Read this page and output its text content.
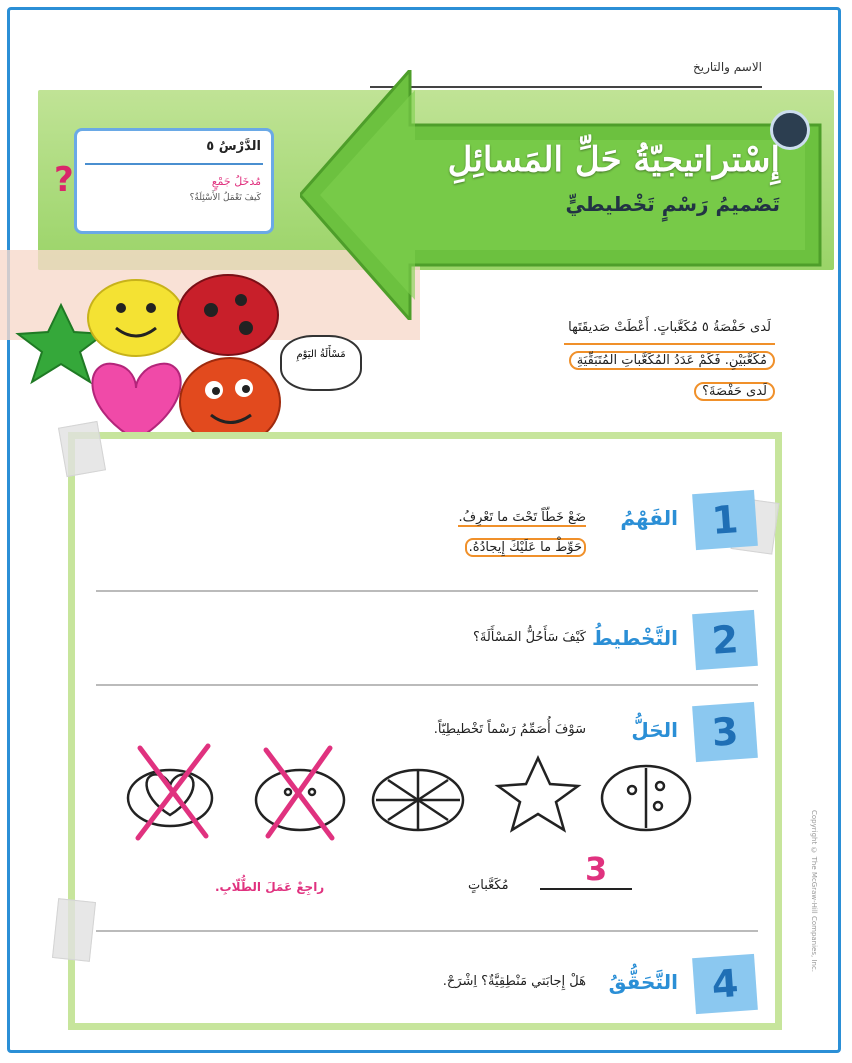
الاسم والتاريخ
إِسْتراتيجيّةُ حَلِّ المَسائِلِ
تَصْميمُ رَسْمٍ تَخْطيطيٍّ
الدَّرْسُ ٥
مُدخَلُ جَمْعٍ
كَيفَ تَعْمَلُ الأَسْئِلَةُ؟
?
مَسْأَلَةُ اليَوْمِ
لَدى حَفْصَةُ ٥ مُكَعَّباتٍ. أَعْطَتْ صَديقَتَها
مُكَعَّبَيْنِ. فَكَمْ عَدَدُ المُكَعَّباتِ المُتَبَقِّيَةِ
لَدى حَفْصَةَ؟
1
الفَهْمُ
ضَعْ خَطّاً تَحْتَ ما تَعْرِفُ.
حَوِّطْ ما عَلَيْكَ إِيجادُهُ.
2
التَّخْطيطُ
كَيْفَ سَأَحُلُّ المَسْأَلَةَ؟
3
الحَلُّ
سَوْفَ أُصَمِّمُ رَسْماً تَخْطيطِيّاً.
3
مُكَعَّباتٍ
راجِعْ عَمَلَ الطُّلّابِ.
4
التَّحَقُّقُ
هَلْ إِجابَتي مَنْطِقِيَّةٌ؟ اِشْرَحْ.
Copyright © The McGraw-Hill Companies, Inc.
